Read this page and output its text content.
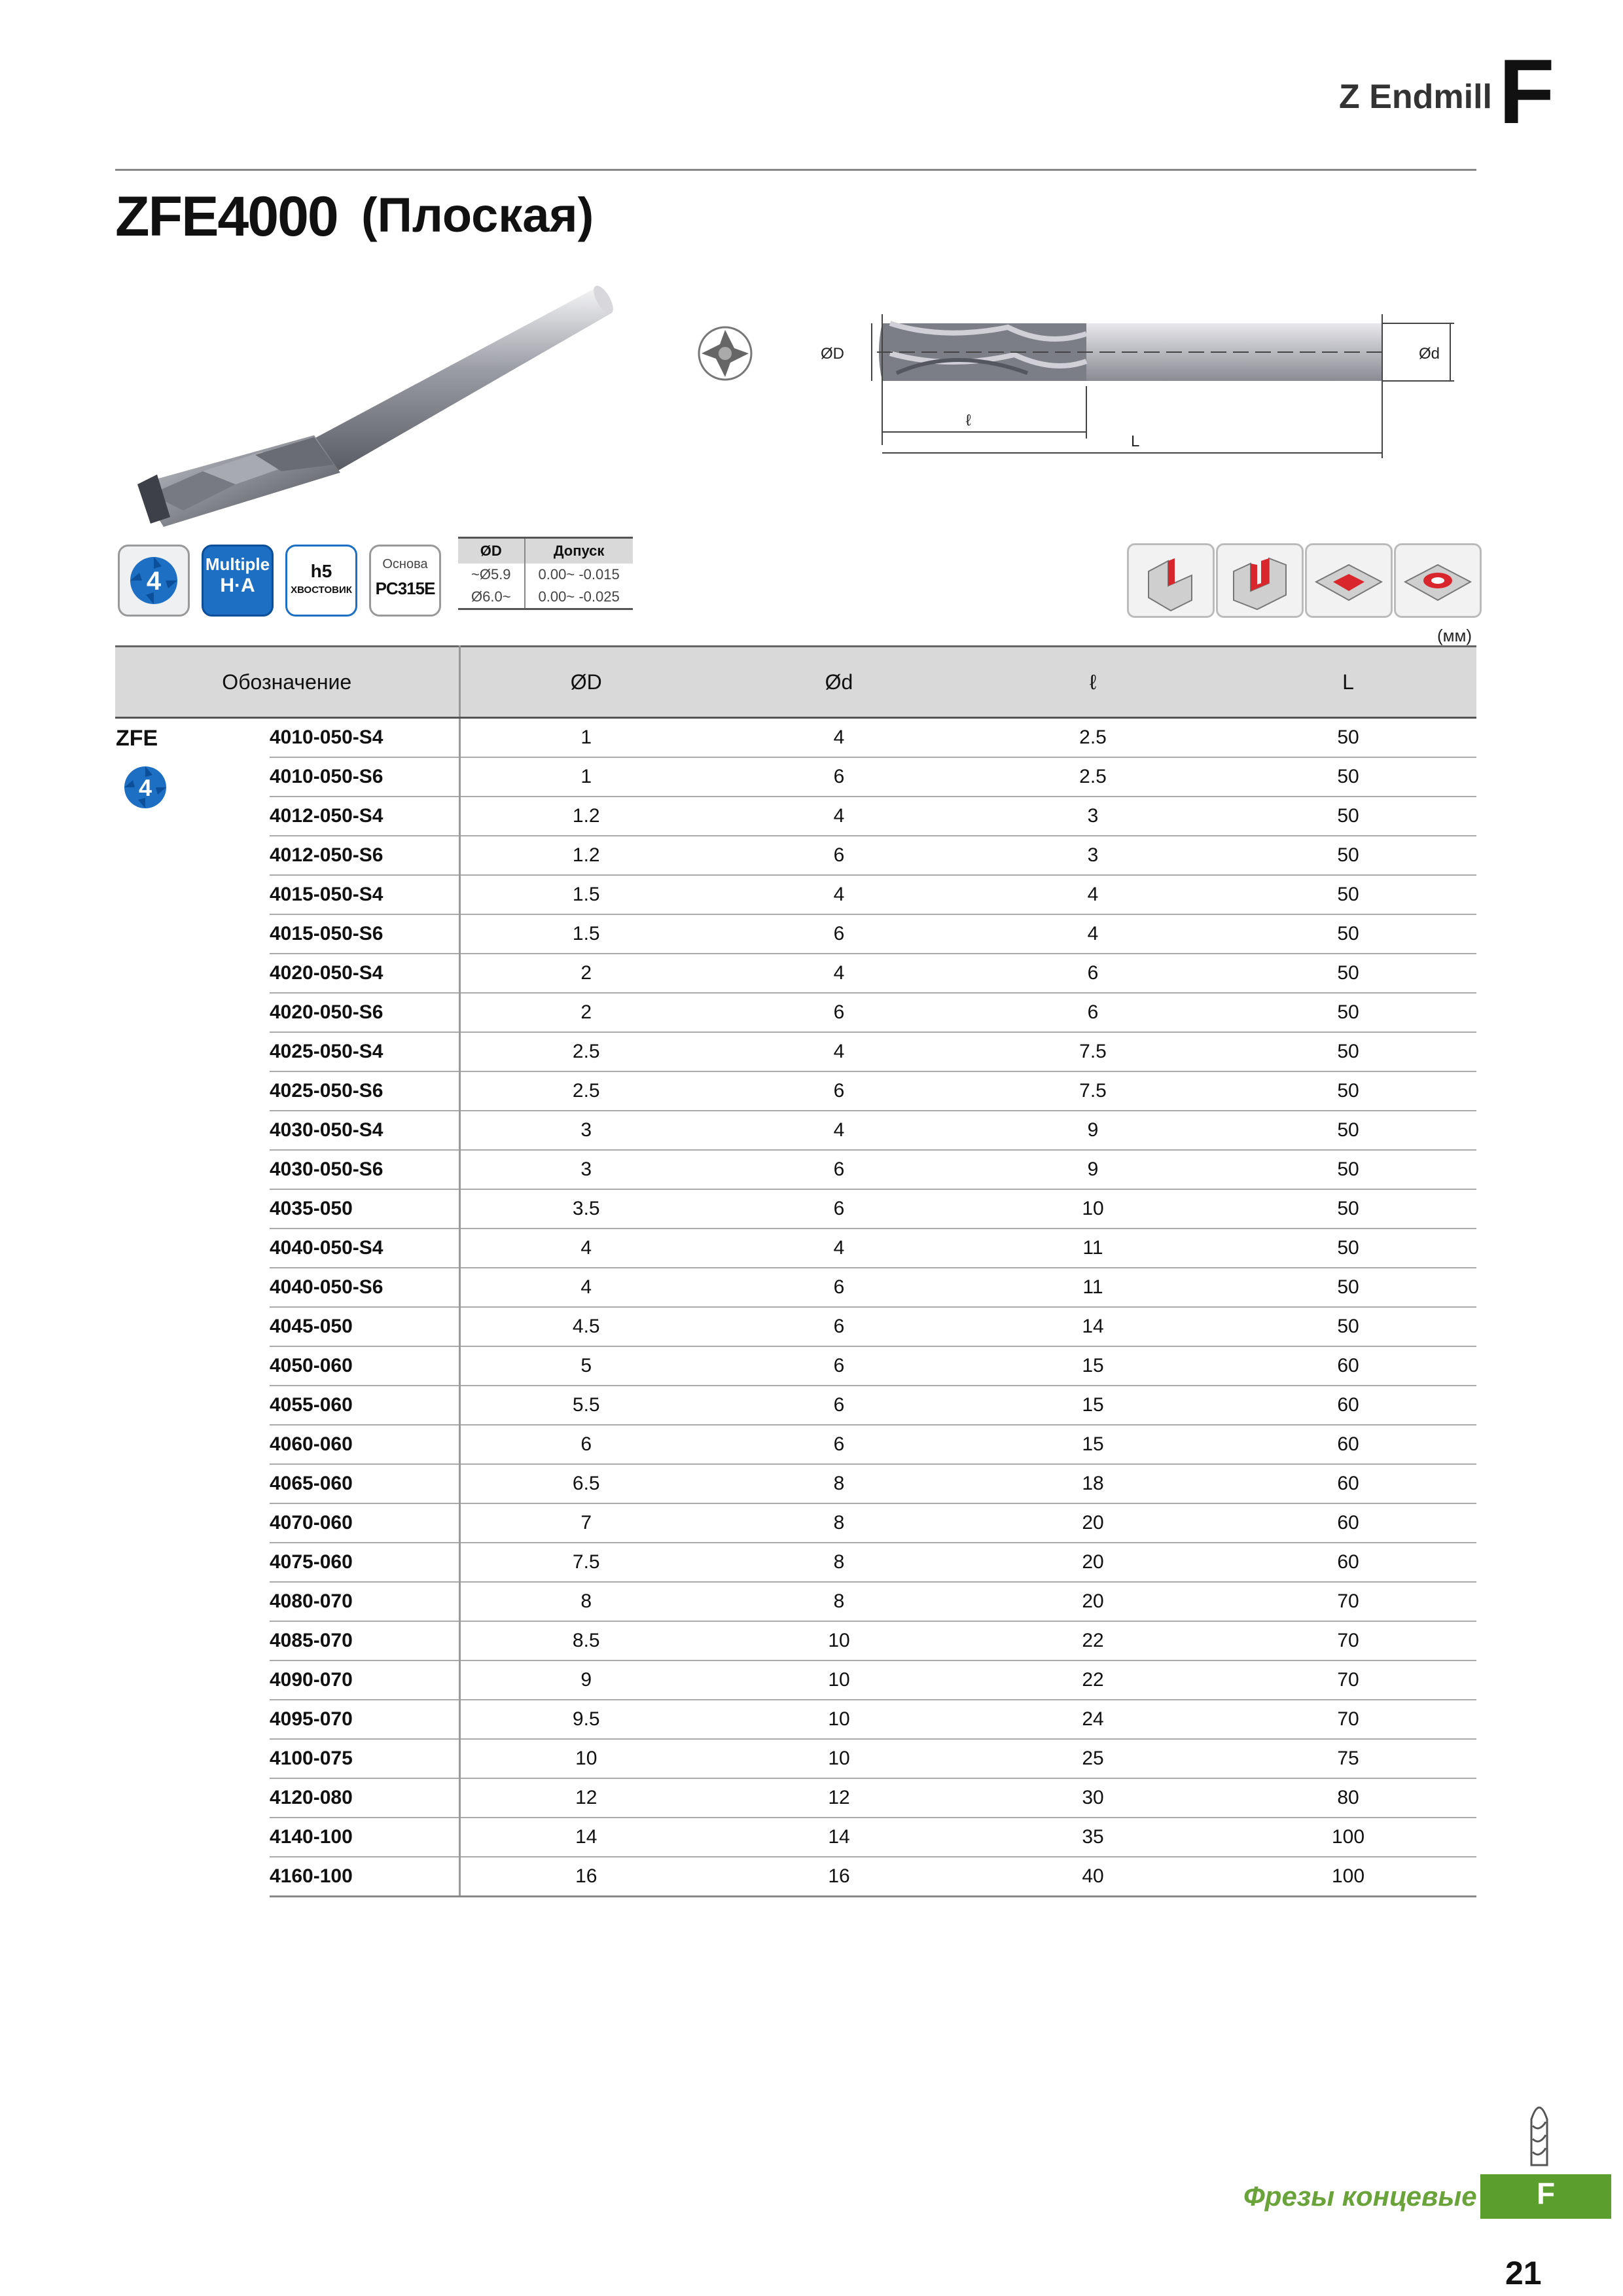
Z Endmill F
ZFE4000 (Плоская)
ØD	Ød
ℓ
L
4
Multiple
H·A
h5
ХВОСТОВИК
Основа
PC315E
ØD	Допуск
~Ø5.9	0.00~ -0.015
Ø6.0~	0.00~ -0.025
(мм)
Обозначение		ØD	Ød	ℓ	L

ZFE
4	4010-050-S4	1	4	2.5	50
	4010-050-S6	1	6	2.5	50
	4012-050-S4	1.2	4	3	50
	4012-050-S6	1.2	6	3	50
	4015-050-S4	1.5	4	4	50
	4015-050-S6	1.5	6	4	50
	4020-050-S4	2	4	6	50
	4020-050-S6	2	6	6	50
	4025-050-S4	2.5	4	7.5	50
	4025-050-S6	2.5	6	7.5	50
	4030-050-S4	3	4	9	50
	4030-050-S6	3	6	9	50
	4035-050	3.5	6	10	50
	4040-050-S4	4	4	11	50
	4040-050-S6	4	6	11	50
	4045-050	4.5	6	14	50
	4050-060	5	6	15	60
	4055-060	5.5	6	15	60
	4060-060	6	6	15	60
	4065-060	6.5	8	18	60
	4070-060	7	8	20	60
	4075-060	7.5	8	20	60
	4080-070	8	8	20	70
	4085-070	8.5	10	22	70
	4090-070	9	10	22	70
	4095-070	9.5	10	24	70
	4100-075	10	10	25	75
	4120-080	12	12	30	80
	4140-100	14	14	35	100
	4160-100	16	16	40	100
Фрезы концевые	F
21
